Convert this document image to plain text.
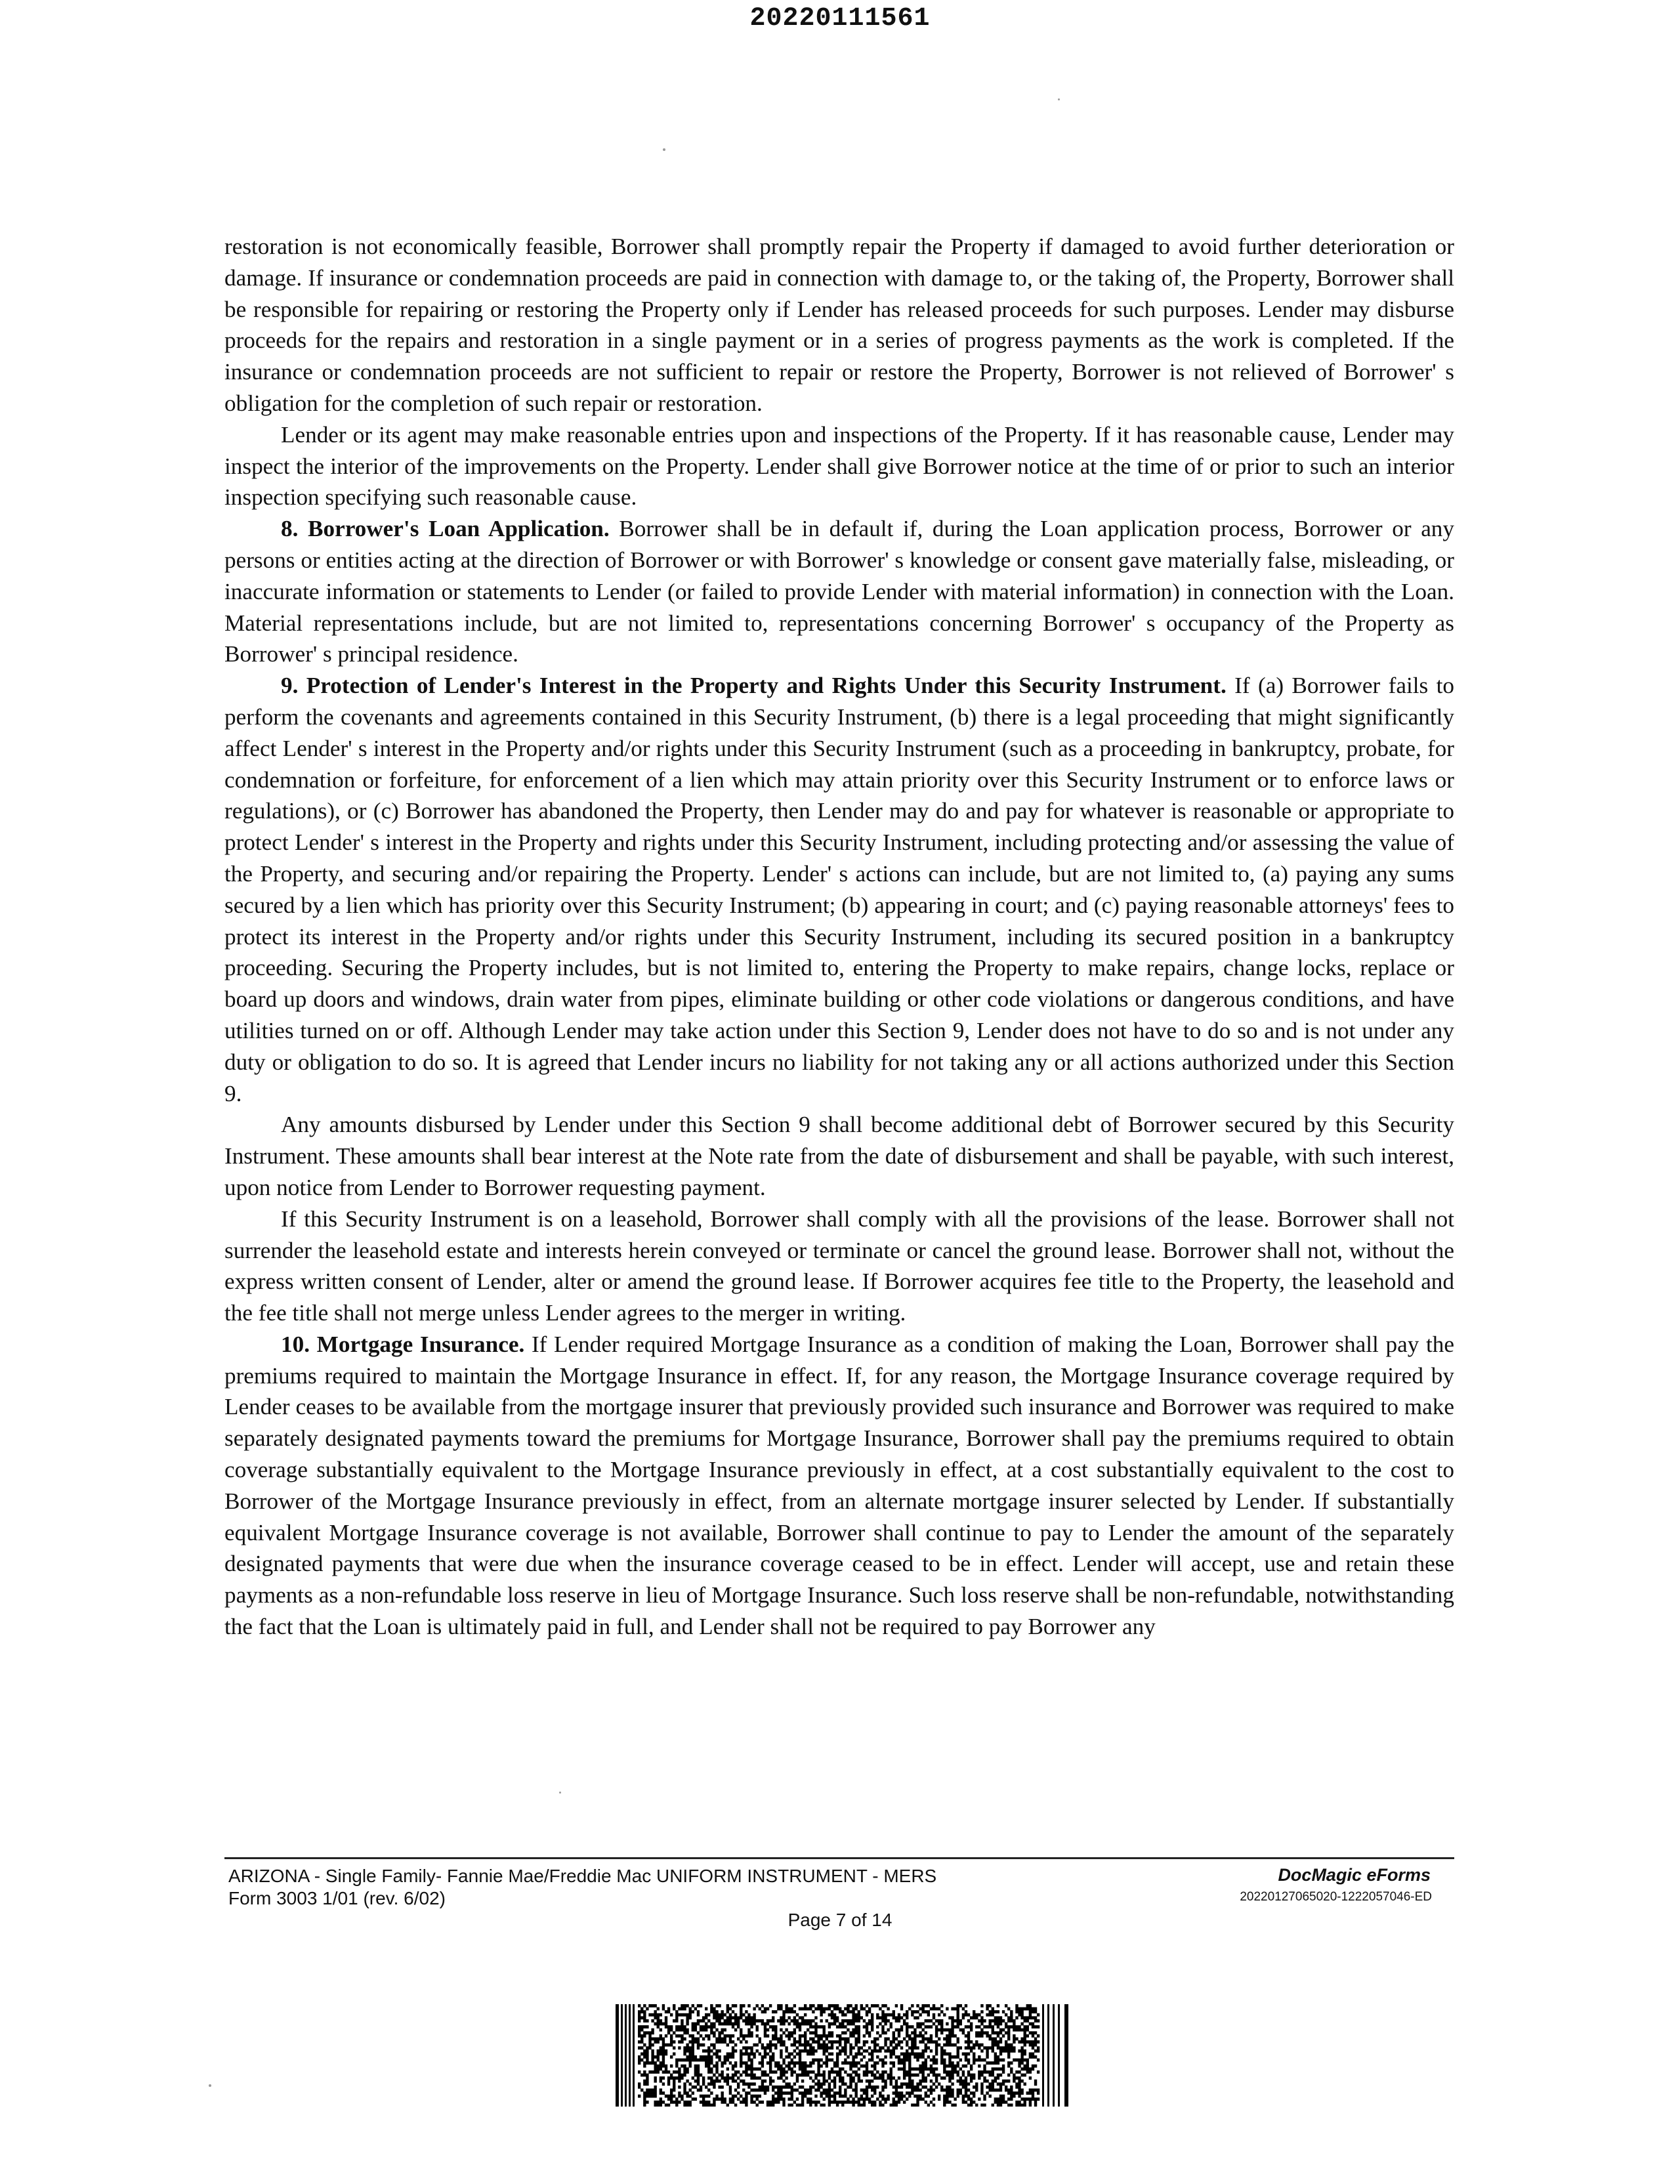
20220111561

restoration is not economically feasible, Borrower shall promptly repair the Property if damaged to avoid further deterioration or damage. If insurance or condemnation proceeds are paid in connection with damage to, or the taking of, the Property, Borrower shall be responsible for repairing or restoring the Property only if Lender has released proceeds for such purposes. Lender may disburse proceeds for the repairs and restoration in a single payment or in a series of progress payments as the work is completed. If the insurance or condemnation proceeds are not sufficient to repair or restore the Property, Borrower is not relieved of Borrower' s obligation for the completion of such repair or restoration.

Lender or its agent may make reasonable entries upon and inspections of the Property. If it has reasonable cause, Lender may inspect the interior of the improvements on the Property. Lender shall give Borrower notice at the time of or prior to such an interior inspection specifying such reasonable cause.

8. Borrower's Loan Application. Borrower shall be in default if, during the Loan application process, Borrower or any persons or entities acting at the direction of Borrower or with Borrower' s knowledge or consent gave materially false, misleading, or inaccurate information or statements to Lender (or failed to provide Lender with material information) in connection with the Loan. Material representations include, but are not limited to, representations concerning Borrower' s occupancy of the Property as Borrower' s principal residence.

9. Protection of Lender's Interest in the Property and Rights Under this Security Instrument. If (a) Borrower fails to perform the covenants and agreements contained in this Security Instrument, (b) there is a legal proceeding that might significantly affect Lender' s interest in the Property and/or rights under this Security Instrument (such as a proceeding in bankruptcy, probate, for condemnation or forfeiture, for enforcement of a lien which may attain priority over this Security Instrument or to enforce laws or regulations), or (c) Borrower has abandoned the Property, then Lender may do and pay for whatever is reasonable or appropriate to protect Lender' s interest in the Property and rights under this Security Instrument, including protecting and/or assessing the value of the Property, and securing and/or repairing the Property. Lender' s actions can include, but are not limited to, (a) paying any sums secured by a lien which has priority over this Security Instrument; (b) appearing in court; and (c) paying reasonable attorneys' fees to protect its interest in the Property and/or rights under this Security Instrument, including its secured position in a bankruptcy proceeding. Securing the Property includes, but is not limited to, entering the Property to make repairs, change locks, replace or board up doors and windows, drain water from pipes, eliminate building or other code violations or dangerous conditions, and have utilities turned on or off. Although Lender may take action under this Section 9, Lender does not have to do so and is not under any duty or obligation to do so. It is agreed that Lender incurs no liability for not taking any or all actions authorized under this Section 9.

Any amounts disbursed by Lender under this Section 9 shall become additional debt of Borrower secured by this Security Instrument. These amounts shall bear interest at the Note rate from the date of disbursement and shall be payable, with such interest, upon notice from Lender to Borrower requesting payment.

If this Security Instrument is on a leasehold, Borrower shall comply with all the provisions of the lease. Borrower shall not surrender the leasehold estate and interests herein conveyed or terminate or cancel the ground lease. Borrower shall not, without the express written consent of Lender, alter or amend the ground lease. If Borrower acquires fee title to the Property, the leasehold and the fee title shall not merge unless Lender agrees to the merger in writing.

10. Mortgage Insurance. If Lender required Mortgage Insurance as a condition of making the Loan, Borrower shall pay the premiums required to maintain the Mortgage Insurance in effect. If, for any reason, the Mortgage Insurance coverage required by Lender ceases to be available from the mortgage insurer that previously provided such insurance and Borrower was required to make separately designated payments toward the premiums for Mortgage Insurance, Borrower shall pay the premiums required to obtain coverage substantially equivalent to the Mortgage Insurance previously in effect, at a cost substantially equivalent to the cost to Borrower of the Mortgage Insurance previously in effect, from an alternate mortgage insurer selected by Lender. If substantially equivalent Mortgage Insurance coverage is not available, Borrower shall continue to pay to Lender the amount of the separately designated payments that were due when the insurance coverage ceased to be in effect. Lender will accept, use and retain these payments as a non-refundable loss reserve in lieu of Mortgage Insurance. Such loss reserve shall be non-refundable, notwithstanding the fact that the Loan is ultimately paid in full, and Lender shall not be required to pay Borrower any

ARIZONA - Single Family- Fannie Mae/Freddie Mac UNIFORM INSTRUMENT - MERS
Form 3003 1/01 (rev. 6/02)
Page 7 of 14
DocMagic eForms
20220127065020-1222057046-ED
